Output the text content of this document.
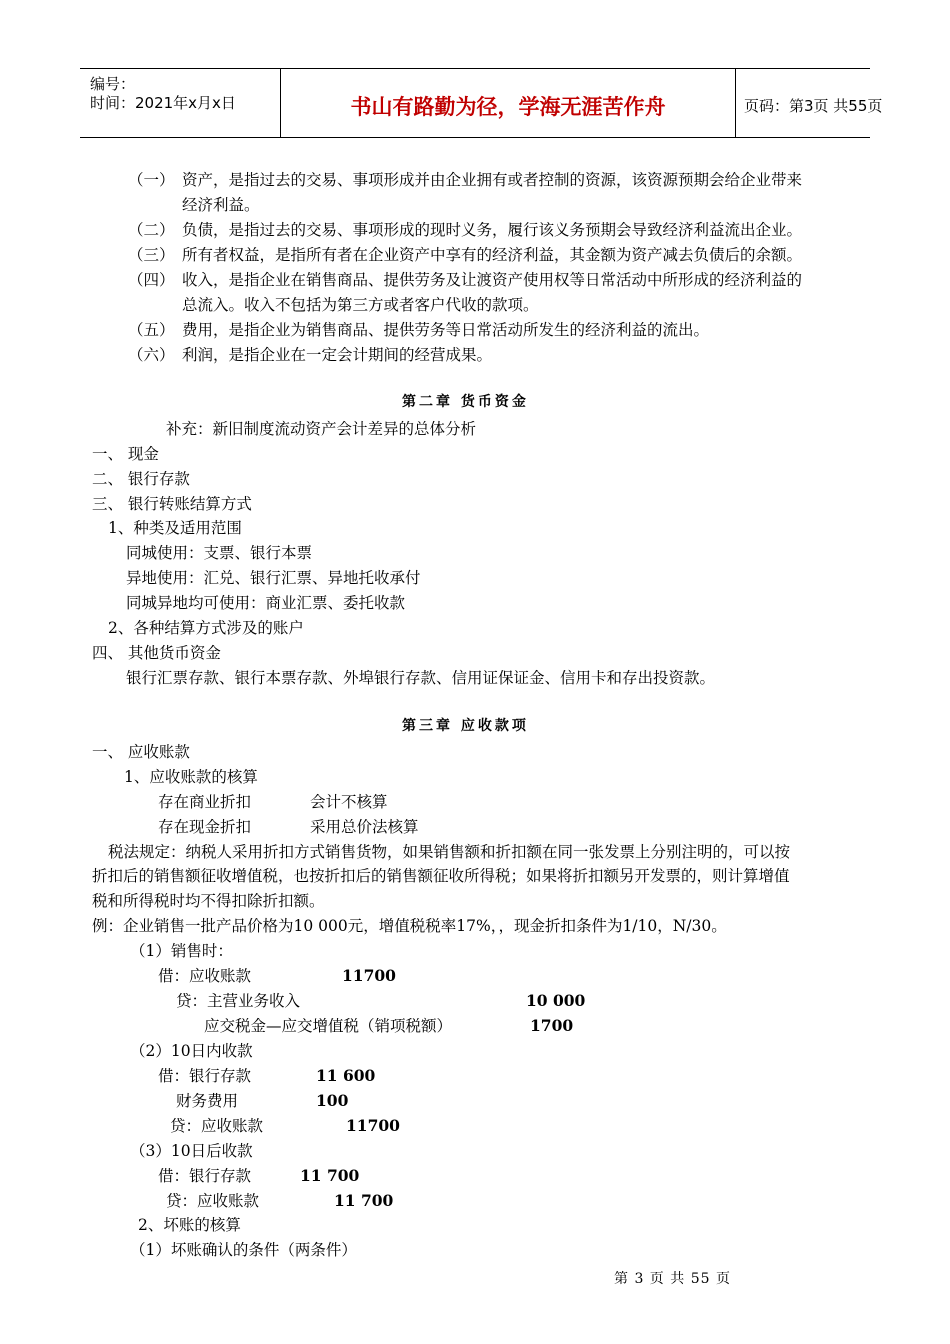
编号：
时间：2021年x月x日	书山有路勤为径，学海无涯苦作舟	页码：第3页 共55页
（一） 资产，是指过去的交易、事项形成并由企业拥有或者控制的资源，该资源预期会给企业带来
经济利益。
（二） 负债，是指过去的交易、事项形成的现时义务，履行该义务预期会导致经济利益流出企业。
（三） 所有者权益，是指所有者在企业资产中享有的经济利益，其金额为资产减去负债后的余额。
（四） 收入，是指企业在销售商品、提供劳务及让渡资产使用权等日常活动中所形成的经济利益的
总流入。收入不包括为第三方或者客户代收的款项。
（五） 费用，是指企业为销售商品、提供劳务等日常活动所发生的经济利益的流出。
（六） 利润，是指企业在一定会计期间的经营成果。
第二章 货币资金
补充：新旧制度流动资产会计差异的总体分析
一、 现金
二、 银行存款
三、 银行转账结算方式
1、种类及适用范围
同城使用：支票、银行本票
异地使用：汇兑、银行汇票、异地托收承付
同城异地均可使用：商业汇票、委托收款
2、各种结算方式涉及的账户
四、 其他货币资金
银行汇票存款、银行本票存款、外埠银行存款、信用证保证金、信用卡和存出投资款。
第三章 应收款项
一、 应收账款
1、应收账款的核算
存在商业折扣	会计不核算
存在现金折扣	采用总价法核算
税法规定：纳税人采用折扣方式销售货物，如果销售额和折扣额在同一张发票上分别注明的，可以按
折扣后的销售额征收增值税，也按折扣后的销售额征收所得税；如果将折扣额另开发票的，则计算增值
税和所得税时均不得扣除折扣额。
例：企业销售一批产品价格为10 000元，增值税税率17%，，现金折扣条件为1/10，N/30。
（1）销售时：
借：应收账款	11700
贷：主营业务收入	10 000
应交税金—应交增值税（销项税额）	1700
（2）10日内收款
借：银行存款	11 600
财务费用	100
贷：应收账款	11700
（3）10日后收款
借：银行存款	11 700
贷：应收账款	11 700
2、坏账的核算
（1）坏账确认的条件（两条件）
第 3 页 共 55 页
